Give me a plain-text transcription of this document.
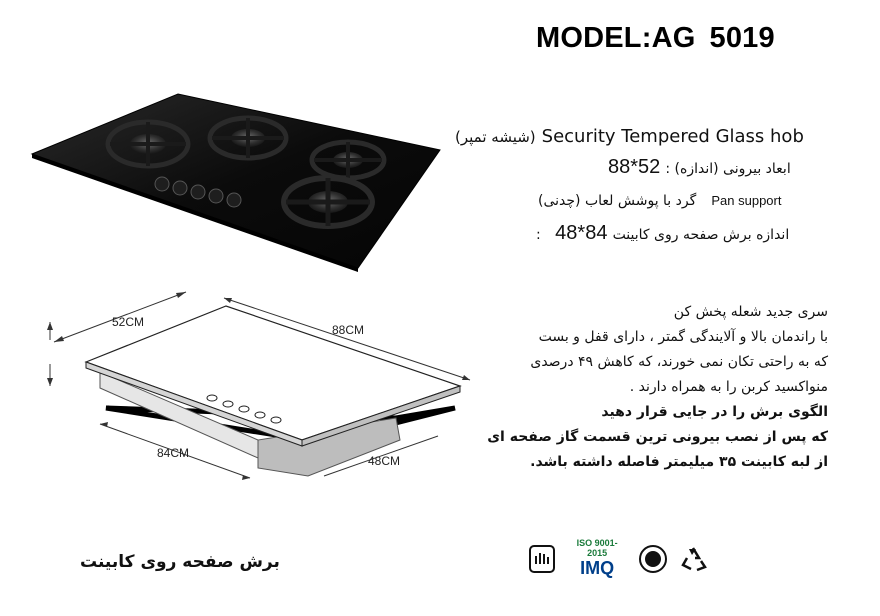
MODEL:AG 5019
(شیشه تمپر) Security Tempered Glass hob
88*52 : ابعاد بیرونی (اندازه)
(چدنی) گرد با پوشش لعاب Pan support
: اندازه برش صفحه روی کابینت 84*48
52CM
88CM
84CM
48CM

سری جدید شعله پخش کن

با راندمان بالا و آلایندگی گمتر ، دارای قفل و بست

که به راحتی تکان نمی خورند، که کاهش ۴۹ درصدی

منواکسید کربن را به همراه دارند .

الگوی برش را در جایی قرار دهید

که پس از نصب بیرونی ترین قسمت گاز صفحه ای

از لبه کابینت ۳۵ میلیمتر فاصله داشته باشد.

برش صفحه روی کابینت

ISO 9001- 2015
IMQ
